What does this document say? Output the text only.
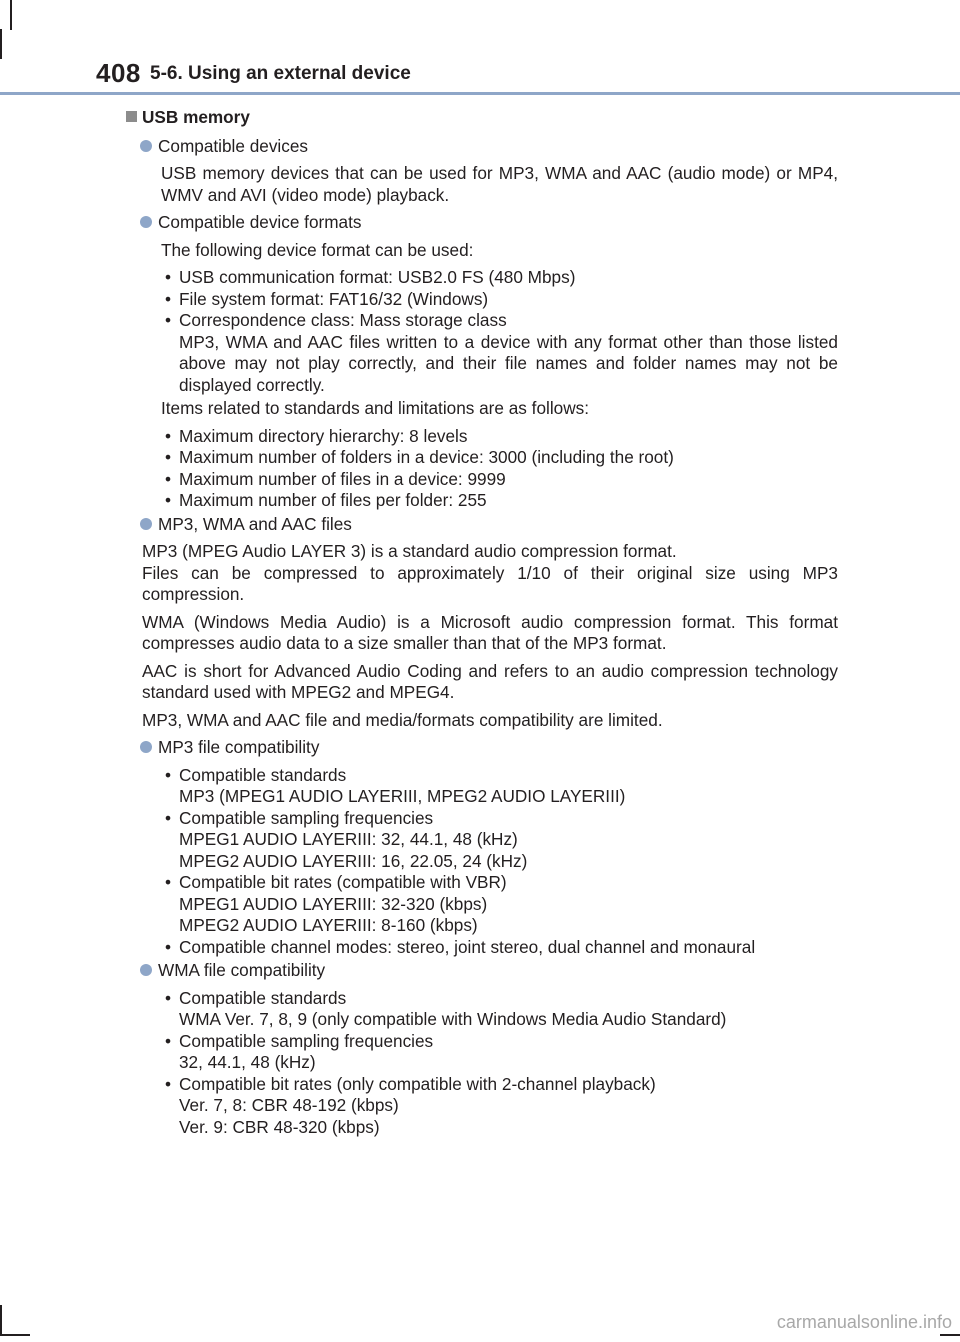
408 5-6. Using an external device
USB memory
Compatible devices
USB memory devices that can be used for MP3, WMA and AAC (audio mode) or MP4, WMV and AVI (video mode) playback.
Compatible device formats
The following device format can be used:
• USB communication format: USB2.0 FS (480 Mbps)
• File system format: FAT16/32 (Windows)
• Correspondence class: Mass storage class
MP3, WMA and AAC files written to a device with any format other than those listed above may not play correctly, and their file names and folder names may not be displayed correctly.
Items related to standards and limitations are as follows:
• Maximum directory hierarchy: 8 levels
• Maximum number of folders in a device: 3000 (including the root)
• Maximum number of files in a device: 9999
• Maximum number of files per folder: 255
MP3, WMA and AAC files
MP3 (MPEG Audio LAYER 3) is a standard audio compression format.
Files can be compressed to approximately 1/10 of their original size using MP3 compression.
WMA (Windows Media Audio) is a Microsoft audio compression format. This format compresses audio data to a size smaller than that of the MP3 format.
AAC is short for Advanced Audio Coding and refers to an audio compression technology standard used with MPEG2 and MPEG4.
MP3, WMA and AAC file and media/formats compatibility are limited.
MP3 file compatibility
• Compatible standards
MP3 (MPEG1 AUDIO LAYERIII, MPEG2 AUDIO LAYERIII)
• Compatible sampling frequencies
MPEG1 AUDIO LAYERIII: 32, 44.1, 48 (kHz)
MPEG2 AUDIO LAYERIII: 16, 22.05, 24 (kHz)
• Compatible bit rates (compatible with VBR)
MPEG1 AUDIO LAYERIII: 32-320 (kbps)
MPEG2 AUDIO LAYERIII: 8-160 (kbps)
• Compatible channel modes: stereo, joint stereo, dual channel and monaural
WMA file compatibility
• Compatible standards
WMA Ver. 7, 8, 9 (only compatible with Windows Media Audio Standard)
• Compatible sampling frequencies
32, 44.1, 48 (kHz)
• Compatible bit rates (only compatible with 2-channel playback)
Ver. 7, 8: CBR 48-192 (kbps)
Ver. 9: CBR 48-320 (kbps)
carmanualsonline.info
